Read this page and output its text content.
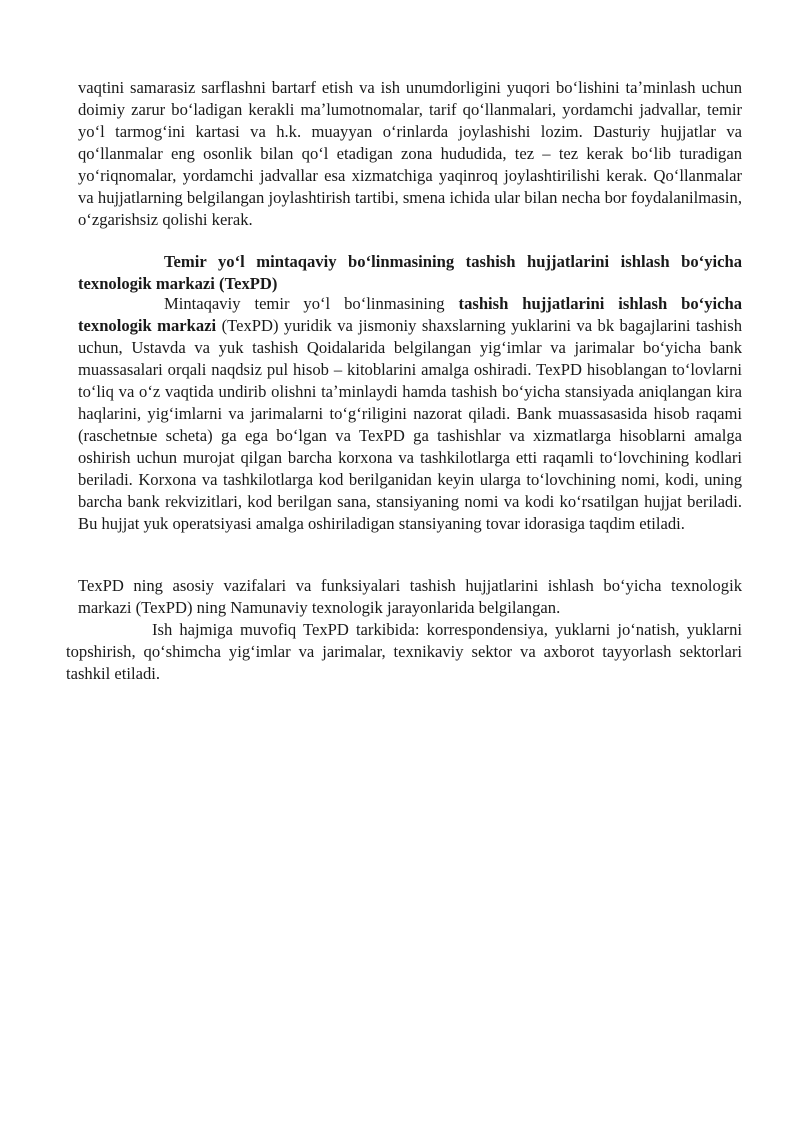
vaqtini samarasiz sarflashni bartarf etish va ish unumdorligini yuqori boʻlishini taʼminlash uchun doimiy zarur boʻladigan kerakli maʼlumotnomalar, tarif qoʻllanmalari, yordamchi jadvallar, temir yoʻl tarmogʻini kartasi va h.k. muayyan oʻrinlarda joylashishi lozim. Dasturiy hujjatlar va qoʻllanmalar eng osonlik bilan qoʻl etadigan zona hududida, tez – tez kerak boʻlib turadigan yoʻriqnomalar, yordamchi jadvallar esa xizmatchiga yaqinroq joylashtirilishi kerak. Qoʻllanmalar va hujjatlarning belgilangan joylashtirish tartibi, smena ichida ular bilan necha bor foydalanilmasin, oʻzgarishsiz qolishi kerak.

Temir yoʻl mintaqaviy boʻlinmasining tashish hujjatlarini ishlash boʻyicha texnologik markazi (TexPD)

Mintaqaviy temir yoʻl boʻlinmasining tashish hujjatlarini ishlash boʻyicha texnologik markazi (TexPD) yuridik va jismoniy shaxslarning yuklarini va bk bagajlarini tashish uchun, Ustavda va yuk tashish Qoidalarida belgilangan yigʻimlar va jarimalar boʻyicha bank muassasalari orqali naqdsiz pul hisob – kitoblarini amalga oshiradi. TexPD hisoblangan toʻlovlarni toʻliq va oʻz vaqtida undirib olishni taʼminlaydi hamda tashish boʻyicha stansiyada aniqlangan kira haqlarini, yigʻimlarni va jarimalarni toʻgʻriligini nazorat qiladi. Bank muassasasida hisob raqami (raschetnыe scheta) ga ega boʻlgan va TexPD ga tashishlar va xizmatlarga hisoblarni amalga oshirish uchun murojat qilgan barcha korxona va tashkilotlarga etti raqamli toʻlovchining kodlari beriladi. Korxona va tashkilotlarga kod berilganidan keyin ularga toʻlovchining nomi, kodi, uning barcha bank rekvizitlari, kod berilgan sana, stansiyaning nomi va kodi koʻrsatilgan hujjat beriladi. Bu hujjat yuk operatsiyasi amalga oshiriladigan stansiyaning tovar idorasiga taqdim etiladi.

TexPD ning asosiy vazifalari va funksiyalari tashish hujjatlarini ishlash boʻyicha texnologik markazi (TexPD) ning Namunaviy texnologik jarayonlarida belgilangan.

Ish hajmiga muvofiq TexPD tarkibida: korrespondensiya, yuklarni joʻnatish, yuklarni topshirish, qoʻshimcha yigʻimlar va jarimalar, texnikaviy sektor va axborot tayyorlash sektorlari tashkil etiladi.
